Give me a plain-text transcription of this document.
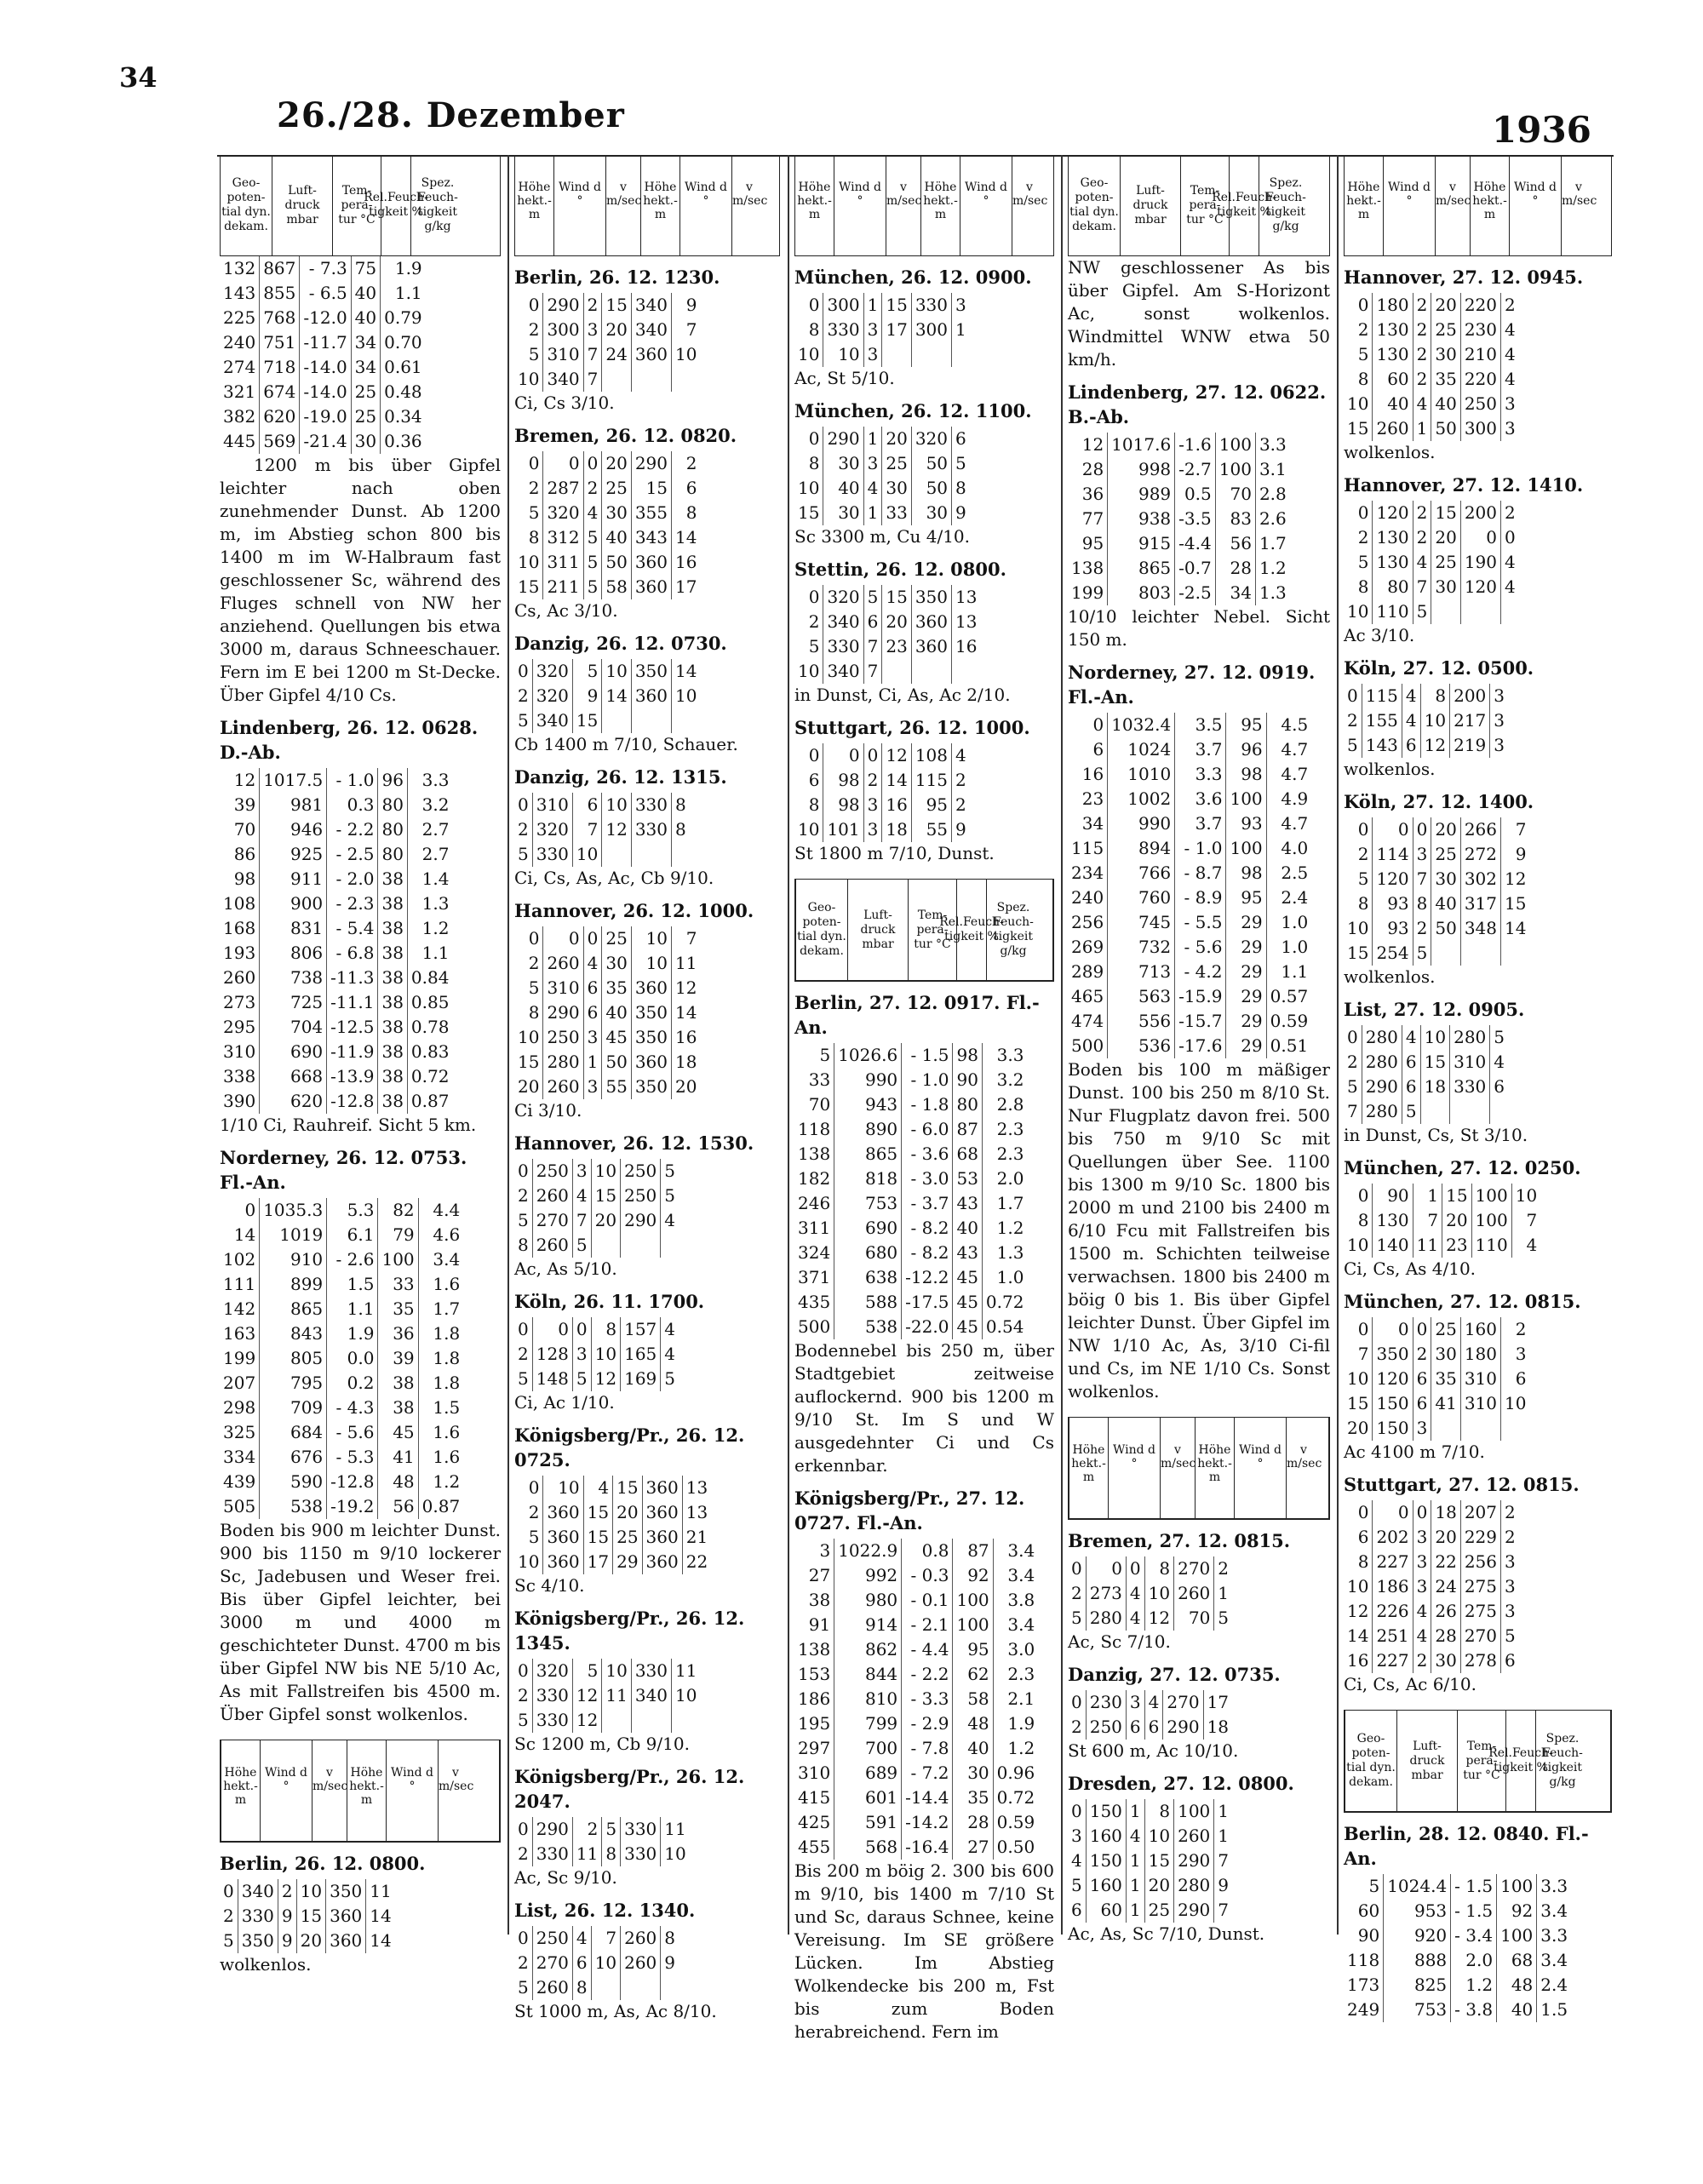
34
26./28. Dezember	1936
Geo-poten-tial dyn. dekam.
Luft-druck mbar
Tem-pera-tur °C
Rel.Feuch-tigkeit %
Spez. Feuch-tigkeit g/kg
132	867	- 7.3	75	1.9
143	855	- 6.5	40	1.1
225	768	-12.0	40	0.79
240	751	-11.7	34	0.70
274	718	-14.0	34	0.61
321	674	-14.0	25	0.48
382	620	-19.0	25	0.34
445	569	-21.4	30	0.36
1200 m bis über Gipfel leichter nach oben zunehmender Dunst. Ab 1200 m, im Abstieg schon 800 bis 1400 m im W-Halbraum fast geschlossener Sc, während des Fluges schnell von NW her anziehend. Quellungen bis etwa 3000 m, daraus Schneeschauer. Fern im E bei 1200 m St-Decke. Über Gipfel 4/10 Cs.
Lindenberg, 26. 12. 0628. D.-Ab.
12	1017.5	- 1.0	96	3.3
39	981	0.3	80	3.2
70	946	- 2.2	80	2.7
86	925	- 2.5	80	2.7
98	911	- 2.0	38	1.4
108	900	- 2.3	38	1.3
168	831	- 5.4	38	1.2
193	806	- 6.8	38	1.1
260	738	-11.3	38	0.84
273	725	-11.1	38	0.85
295	704	-12.5	38	0.78
310	690	-11.9	38	0.83
338	668	-13.9	38	0.72
390	620	-12.8	38	0.87
1/10 Ci, Rauhreif. Sicht 5 km.
Norderney, 26. 12. 0753. Fl.-An.
0	1035.3	5.3	82	4.4
14	1019	6.1	79	4.6
102	910	- 2.6	100	3.4
111	899	1.5	33	1.6
142	865	1.1	35	1.7
163	843	1.9	36	1.8
199	805	0.0	39	1.8
207	795	0.2	38	1.8
298	709	- 4.3	38	1.5
325	684	- 5.6	45	1.6
334	676	- 5.3	41	1.6
439	590	-12.8	48	1.2
505	538	-19.2	56	0.87
Boden bis 900 m leichter Dunst. 900 bis 1150 m 9/10 lockerer Sc, Jadebusen und Weser frei. Bis über Gipfel leichter, bei 3000 m und 4000 m geschichteter Dunst. 4700 m bis über Gipfel NW bis NE 5/10 Ac, As mit Fallstreifen bis 4500 m. Über Gipfel sonst wolkenlos.
Höhe hekt.-m
Wind d °
v m/sec
Höhe hekt.-m
Wind d °
v m/sec
Berlin, 26. 12. 0800.
0	340	2	10	350	11
2	330	9	15	360	14
5	350	9	20	360	14
wolkenlos.
Höhe hekt.-m
Wind d °
v m/sec
Höhe hekt.-m
Wind d °
v m/sec
Berlin, 26. 12. 1230.
0	290	2	15	340	9
2	300	3	20	340	7
5	310	7	24	360	10
10	340	7			
Ci, Cs 3/10.
Bremen, 26. 12. 0820.
0	0	0	20	290	2
2	287	2	25	15	6
5	320	4	30	355	8
8	312	5	40	343	14
10	311	5	50	360	16
15	211	5	58	360	17
Cs, Ac 3/10.
Danzig, 26. 12. 0730.
0	320	5	10	350	14
2	320	9	14	360	10
5	340	15			
Cb 1400 m 7/10, Schauer.
Danzig, 26. 12. 1315.
0	310	6	10	330	8
2	320	7	12	330	8
5	330	10			
Ci, Cs, As, Ac, Cb 9/10.
Hannover, 26. 12. 1000.
0	0	0	25	10	7
2	260	4	30	10	11
5	310	6	35	360	12
8	290	6	40	350	14
10	250	3	45	350	16
15	280	1	50	360	18
20	260	3	55	350	20
Ci 3/10.
Hannover, 26. 12. 1530.
0	250	3	10	250	5
2	260	4	15	250	5
5	270	7	20	290	4
8	260	5			
Ac, As 5/10.
Köln, 26. 11. 1700.
0	0	0	8	157	4
2	128	3	10	165	4
5	148	5	12	169	5
Ci, Ac 1/10.
Königsberg/Pr., 26. 12. 0725.
0	10	4	15	360	13
2	360	15	20	360	13
5	360	15	25	360	21
10	360	17	29	360	22
Sc 4/10.
Königsberg/Pr., 26. 12. 1345.
0	320	5	10	330	11
2	330	12	11	340	10
5	330	12			
Sc 1200 m, Cb 9/10.
Königsberg/Pr., 26. 12. 2047.
0	290	2	5	330	11
2	330	11	8	330	10
Ac, Sc 9/10.
List, 26. 12. 1340.
0	250	4	7	260	8
2	270	6	10	260	9
5	260	8			
St 1000 m, As, Ac 8/10.
Höhe hekt.-m
Wind d °
v m/sec
Höhe hekt.-m
Wind d °
v m/sec
München, 26. 12. 0900.
0	300	1	15	330	3
8	330	3	17	300	1
10	10	3			
Ac, St 5/10.
München, 26. 12. 1100.
0	290	1	20	320	6
8	30	3	25	50	5
10	40	4	30	50	8
15	30	1	33	30	9
Sc 3300 m, Cu 4/10.
Stettin, 26. 12. 0800.
0	320	5	15	350	13
2	340	6	20	360	13
5	330	7	23	360	16
10	340	7			
in Dunst, Ci, As, Ac 2/10.
Stuttgart, 26. 12. 1000.
0	0	0	12	108	4
6	98	2	14	115	2
8	98	3	16	95	2
10	101	3	18	55	9
St 1800 m 7/10, Dunst.
Geo-poten-tial dyn. dekam.
Luft-druck mbar
Tem-pera-tur °C
Rel.Feuch-tigkeit %
Spez. Feuch-tigkeit g/kg
Berlin, 27. 12. 0917. Fl.-An.
5	1026.6	- 1.5	98	3.3
33	990	- 1.0	90	3.2
70	943	- 1.8	80	2.8
118	890	- 6.0	87	2.3
138	865	- 3.6	68	2.3
182	818	- 3.0	53	2.0
246	753	- 3.7	43	1.7
311	690	- 8.2	40	1.2
324	680	- 8.2	43	1.3
371	638	-12.2	45	1.0
435	588	-17.5	45	0.72
500	538	-22.0	45	0.54
Bodennebel bis 250 m, über Stadtgebiet zeitweise auflockernd. 900 bis 1200 m 9/10 St. Im S und W ausgedehnter Ci und Cs erkennbar.
Königsberg/Pr., 27. 12. 0727. Fl.-An.
3	1022.9	0.8	87	3.4
27	992	- 0.3	92	3.4
38	980	- 0.1	100	3.8
91	914	- 2.1	100	3.4
138	862	- 4.4	95	3.0
153	844	- 2.2	62	2.3
186	810	- 3.3	58	2.1
195	799	- 2.9	48	1.9
297	700	- 7.8	40	1.2
310	689	- 7.2	30	0.96
415	601	-14.4	35	0.72
425	591	-14.2	28	0.59
455	568	-16.4	27	0.50
Bis 200 m böig 2. 300 bis 600 m 9/10, bis 1400 m 7/10 St und Sc, daraus Schnee, keine Vereisung. Im SE größere Lücken. Im Abstieg Wolkendecke bis 200 m, Fst bis zum Boden herabreichend. Fern im
Geo-poten-tial dyn. dekam.
Luft-druck mbar
Tem-pera-tur °C
Rel.Feuch-tigkeit %
Spez. Feuch-tigkeit g/kg
NW geschlossener As bis über Gipfel. Am S-Horizont Ac, sonst wolkenlos. Windmittel WNW etwa 50 km/h.
Lindenberg, 27. 12. 0622. B.-Ab.
12	1017.6	-1.6	100	3.3
28	998	-2.7	100	3.1
36	989	0.5	70	2.8
77	938	-3.5	83	2.6
95	915	-4.4	56	1.7
138	865	-0.7	28	1.2
199	803	-2.5	34	1.3
10/10 leichter Nebel. Sicht 150 m.
Norderney, 27. 12. 0919. Fl.-An.
0	1032.4	3.5	95	4.5
6	1024	3.7	96	4.7
16	1010	3.3	98	4.7
23	1002	3.6	100	4.9
34	990	3.7	93	4.7
115	894	- 1.0	100	4.0
234	766	- 8.7	98	2.5
240	760	- 8.9	95	2.4
256	745	- 5.5	29	1.0
269	732	- 5.6	29	1.0
289	713	- 4.2	29	1.1
465	563	-15.9	29	0.57
474	556	-15.7	29	0.59
500	536	-17.6	29	0.51
Boden bis 100 m mäßiger Dunst. 100 bis 250 m 8/10 St. Nur Flugplatz davon frei. 500 bis 750 m 9/10 Sc mit Quellungen über See. 1100 bis 1300 m 9/10 Sc. 1800 bis 2000 m und 2100 bis 2400 m 6/10 Fcu mit Fallstreifen bis 1500 m. Schichten teilweise verwachsen. 1800 bis 2400 m böig 0 bis 1. Bis über Gipfel leichter Dunst. Über Gipfel im NW 1/10 Ac, As, 3/10 Ci-fil und Cs, im NE 1/10 Cs. Sonst wolkenlos.
Höhe hekt.-m
Wind d °
v m/sec
Höhe hekt.-m
Wind d °
v m/sec
Bremen, 27. 12. 0815.
0	0	0	8	270	2
2	273	4	10	260	1
5	280	4	12	70	5
Ac, Sc 7/10.
Danzig, 27. 12. 0735.
0	230	3	4	270	17
2	250	6	6	290	18
St 600 m, Ac 10/10.
Dresden, 27. 12. 0800.
0	150	1	8	100	1
3	160	4	10	260	1
4	150	1	15	290	7
5	160	1	20	280	9
6	60	1	25	290	7
Ac, As, Sc 7/10, Dunst.
Höhe hekt.-m
Wind d °
v m/sec
Höhe hekt.-m
Wind d °
v m/sec
Hannover, 27. 12. 0945.
0	180	2	20	220	2
2	130	2	25	230	4
5	130	2	30	210	4
8	60	2	35	220	4
10	40	4	40	250	3
15	260	1	50	300	3
wolkenlos.
Hannover, 27. 12. 1410.
0	120	2	15	200	2
2	130	2	20	0	0
5	130	4	25	190	4
8	80	7	30	120	4
10	110	5			
Ac 3/10.
Köln, 27. 12. 0500.
0	115	4	8	200	3
2	155	4	10	217	3
5	143	6	12	219	3
wolkenlos.
Köln, 27. 12. 1400.
0	0	0	20	266	7
2	114	3	25	272	9
5	120	7	30	302	12
8	93	8	40	317	15
10	93	2	50	348	14
15	254	5			
wolkenlos.
List, 27. 12. 0905.
0	280	4	10	280	5
2	280	6	15	310	4
5	290	6	18	330	6
7	280	5			
in Dunst, Cs, St 3/10.
München, 27. 12. 0250.
0	90	1	15	100	10
8	130	7	20	100	7
10	140	11	23	110	4
Ci, Cs, As 4/10.
München, 27. 12. 0815.
0	0	0	25	160	2
7	350	2	30	180	3
10	120	6	35	310	6
15	150	6	41	310	10
20	150	3			
Ac 4100 m 7/10.
Stuttgart, 27. 12. 0815.
0	0	0	18	207	2
6	202	3	20	229	2
8	227	3	22	256	3
10	186	3	24	275	3
12	226	4	26	275	3
14	251	4	28	270	5
16	227	2	30	278	6
Ci, Cs, Ac 6/10.
Geo-poten-tial dyn. dekam.
Luft-druck mbar
Tem-pera-tur °C
Rel.Feuch-tigkeit %
Spez. Feuch-tigkeit g/kg
Berlin, 28. 12. 0840. Fl.-An.
5	1024.4	- 1.5	100	3.3
60	953	- 1.5	92	3.4
90	920	- 3.4	100	3.3
118	888	2.0	68	3.4
173	825	1.2	48	2.4
249	753	- 3.8	40	1.5
